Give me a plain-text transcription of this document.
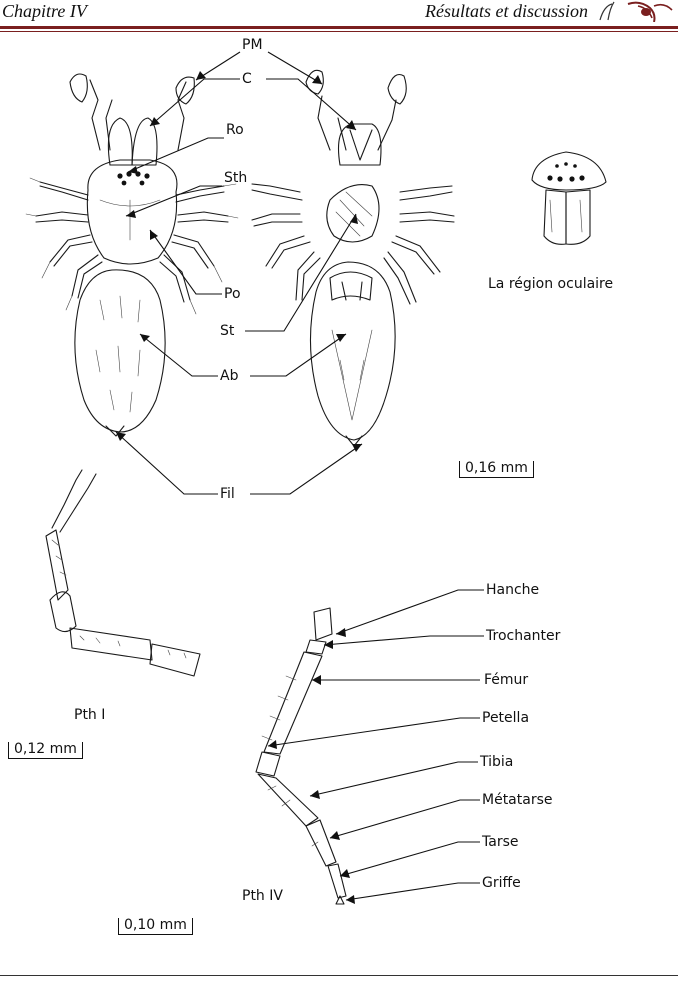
Chapitre IV	Résultats et discussion
PM
C
Ro
Sth
Po
St
Ab
Fil
La région oculaire
0,16 mm
Pth I
0,12 mm
Pth IV
0,10 mm
Hanche
Trochanter
Fémur
Petella
Tibia
Métatarse
Tarse
Griffe
